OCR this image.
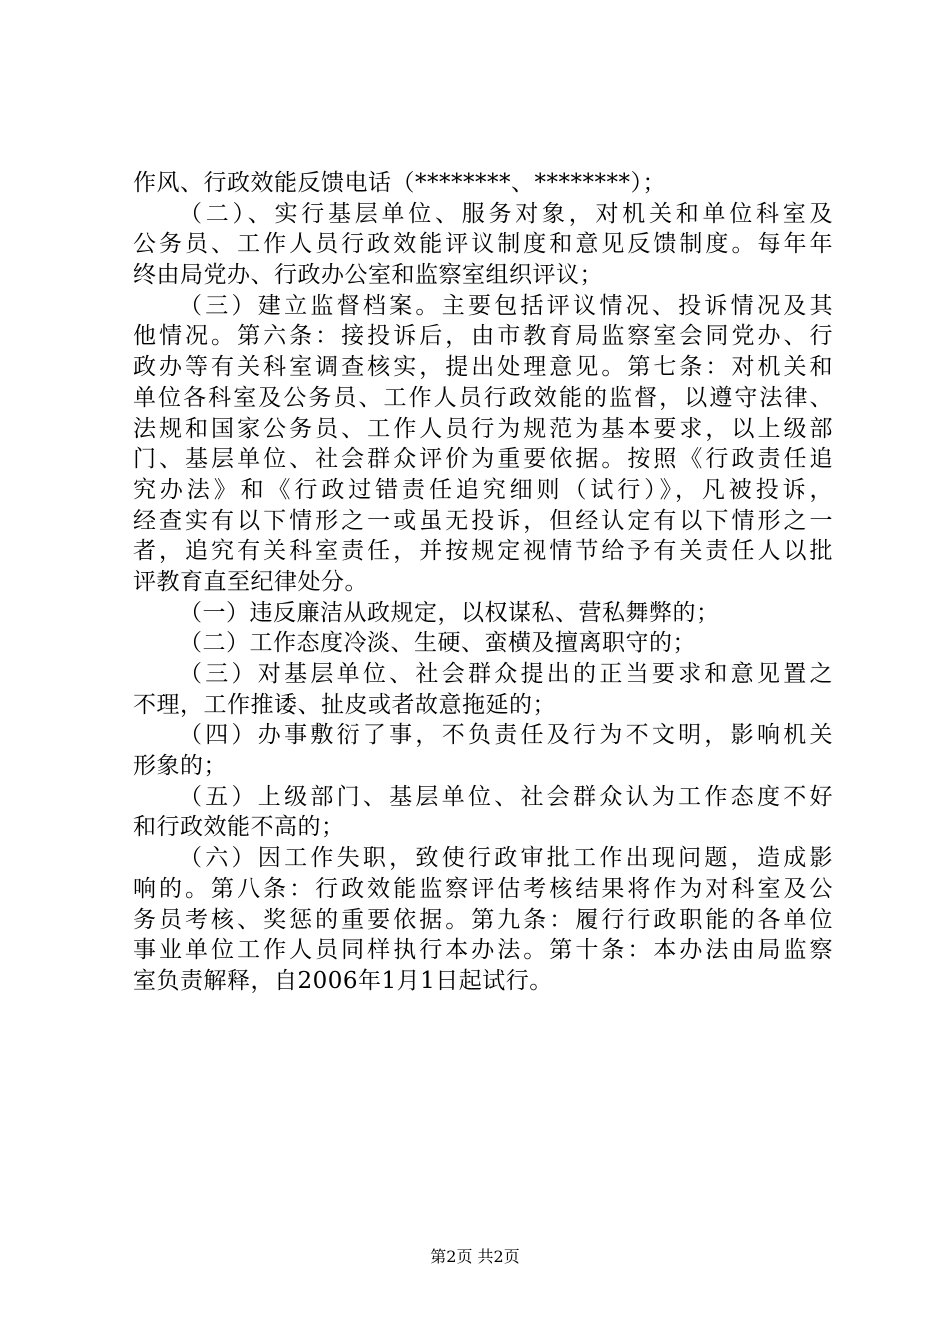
作风、行政效能反馈电话（********、********）；
（二）、实行基层单位、服务对象，对机关和单位科室及
公务员、工作人员行政效能评议制度和意见反馈制度。每年年
终由局党办、行政办公室和监察室组织评议；
（三）建立监督档案。主要包括评议情况、投诉情况及其
他情况。第六条：接投诉后，由市教育局监察室会同党办、行
政办等有关科室调查核实，提出处理意见。第七条：对机关和
单位各科室及公务员、工作人员行政效能的监督，以遵守法律、
法规和国家公务员、工作人员行为规范为基本要求，以上级部
门、基层单位、社会群众评价为重要依据。按照《行政责任追
究办法》和《行政过错责任追究细则（试行）》，凡被投诉，
经查实有以下情形之一或虽无投诉，但经认定有以下情形之一
者，追究有关科室责任，并按规定视情节给予有关责任人以批
评教育直至纪律处分。
（一）违反廉洁从政规定，以权谋私、营私舞弊的；
（二）工作态度冷淡、生硬、蛮横及擅离职守的；
（三）对基层单位、社会群众提出的正当要求和意见置之
不理，工作推诿、扯皮或者故意拖延的；
（四）办事敷衍了事，不负责任及行为不文明，影响机关
形象的；
（五）上级部门、基层单位、社会群众认为工作态度不好
和行政效能不高的；
（六）因工作失职，致使行政审批工作出现问题，造成影
响的。第八条：行政效能监察评估考核结果将作为对科室及公
务员考核、奖惩的重要依据。第九条：履行行政职能的各单位
事业单位工作人员同样执行本办法。第十条：本办法由局监察
室负责解释，自2006年1月1日起试行。
第2页 共2页
